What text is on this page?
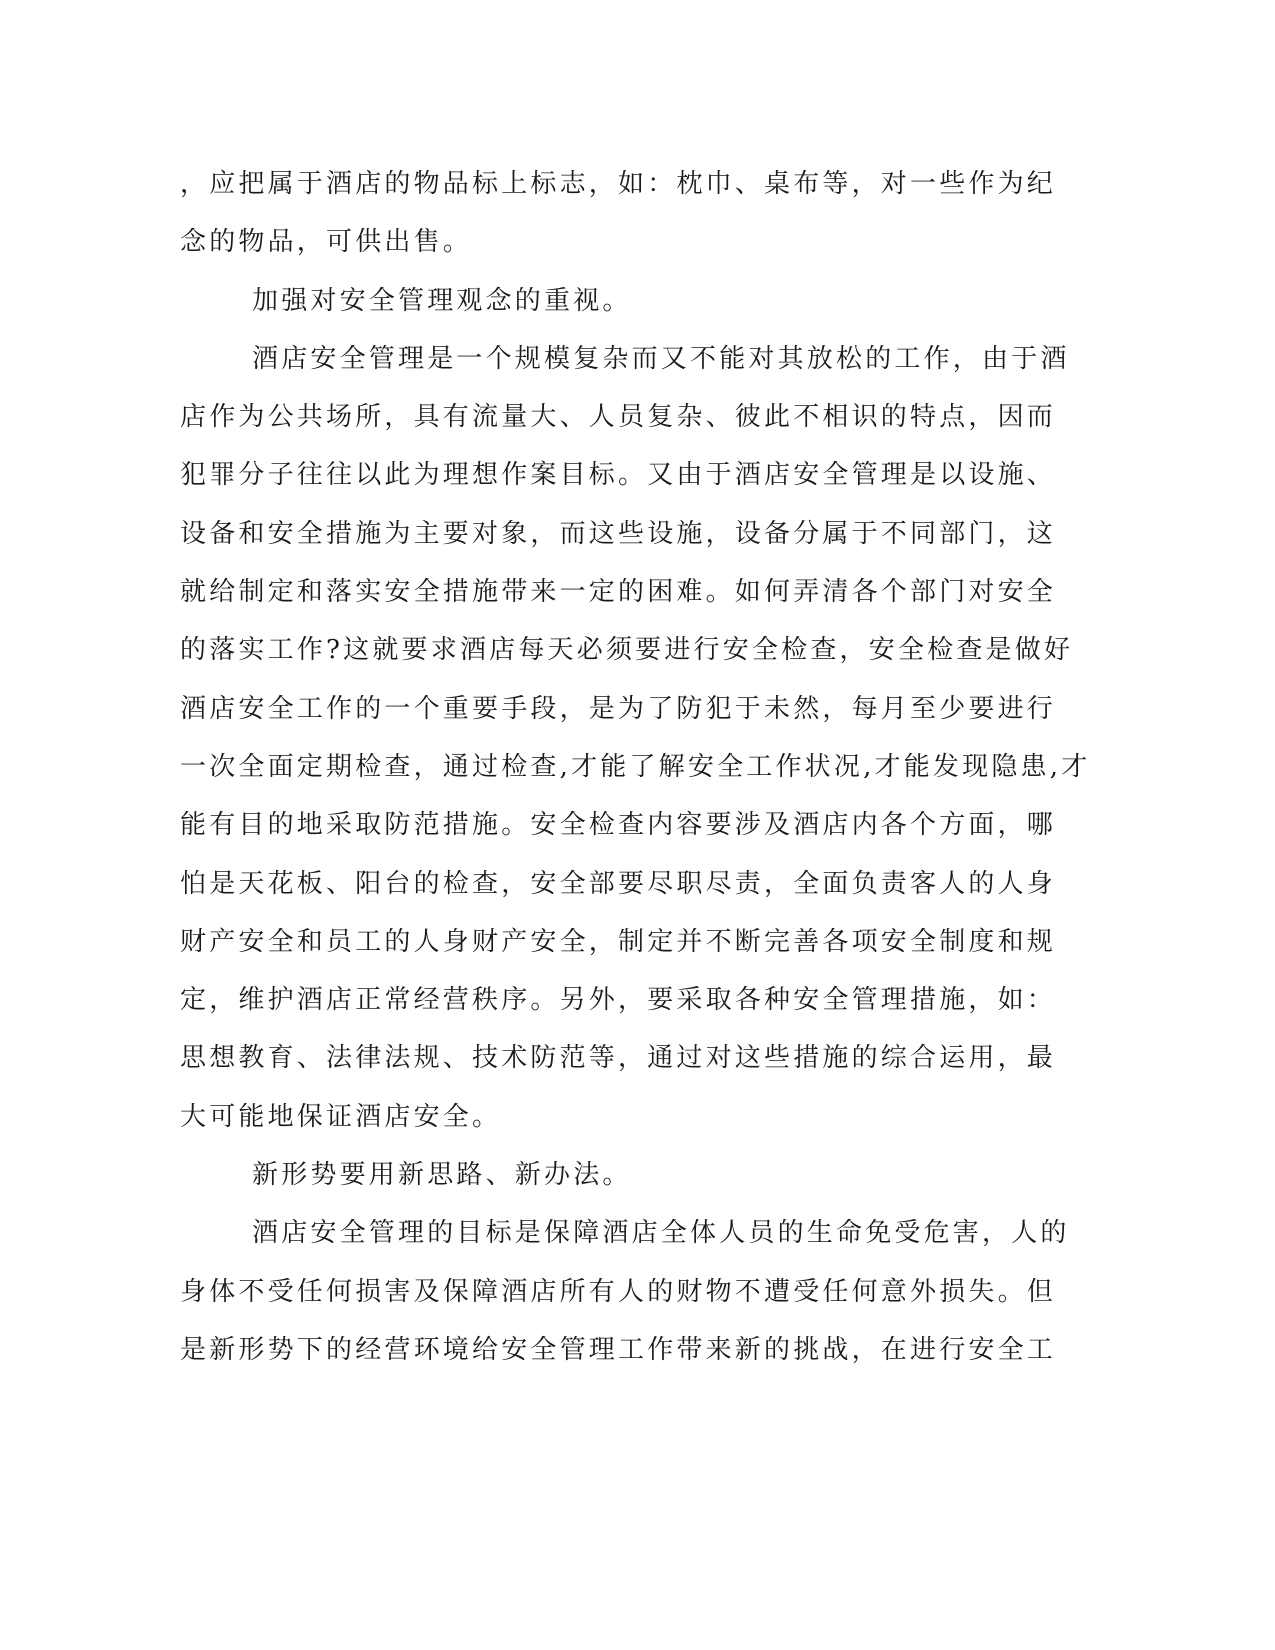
，应把属于酒店的物品标上标志，如：枕巾、桌布等，对一些作为纪
念的物品，可供出售。
加强对安全管理观念的重视。
酒店安全管理是一个规模复杂而又不能对其放松的工作，由于酒
店作为公共场所，具有流量大、人员复杂、彼此不相识的特点，因而
犯罪分子往往以此为理想作案目标。又由于酒店安全管理是以设施、
设备和安全措施为主要对象，而这些设施，设备分属于不同部门，这
就给制定和落实安全措施带来一定的困难。如何弄清各个部门对安全
的落实工作?这就要求酒店每天必须要进行安全检查，安全检查是做好
酒店安全工作的一个重要手段，是为了防犯于未然，每月至少要进行
一次全面定期检查，通过检查,才能了解安全工作状况,才能发现隐患,才
能有目的地采取防范措施。安全检查内容要涉及酒店内各个方面，哪
怕是天花板、阳台的检查，安全部要尽职尽责，全面负责客人的人身
财产安全和员工的人身财产安全，制定并不断完善各项安全制度和规
定，维护酒店正常经营秩序。另外，要采取各种安全管理措施，如：
思想教育、法律法规、技术防范等，通过对这些措施的综合运用，最
大可能地保证酒店安全。
新形势要用新思路、新办法。
酒店安全管理的目标是保障酒店全体人员的生命免受危害，人的
身体不受任何损害及保障酒店所有人的财物不遭受任何意外损失。但
是新形势下的经营环境给安全管理工作带来新的挑战，在进行安全工
